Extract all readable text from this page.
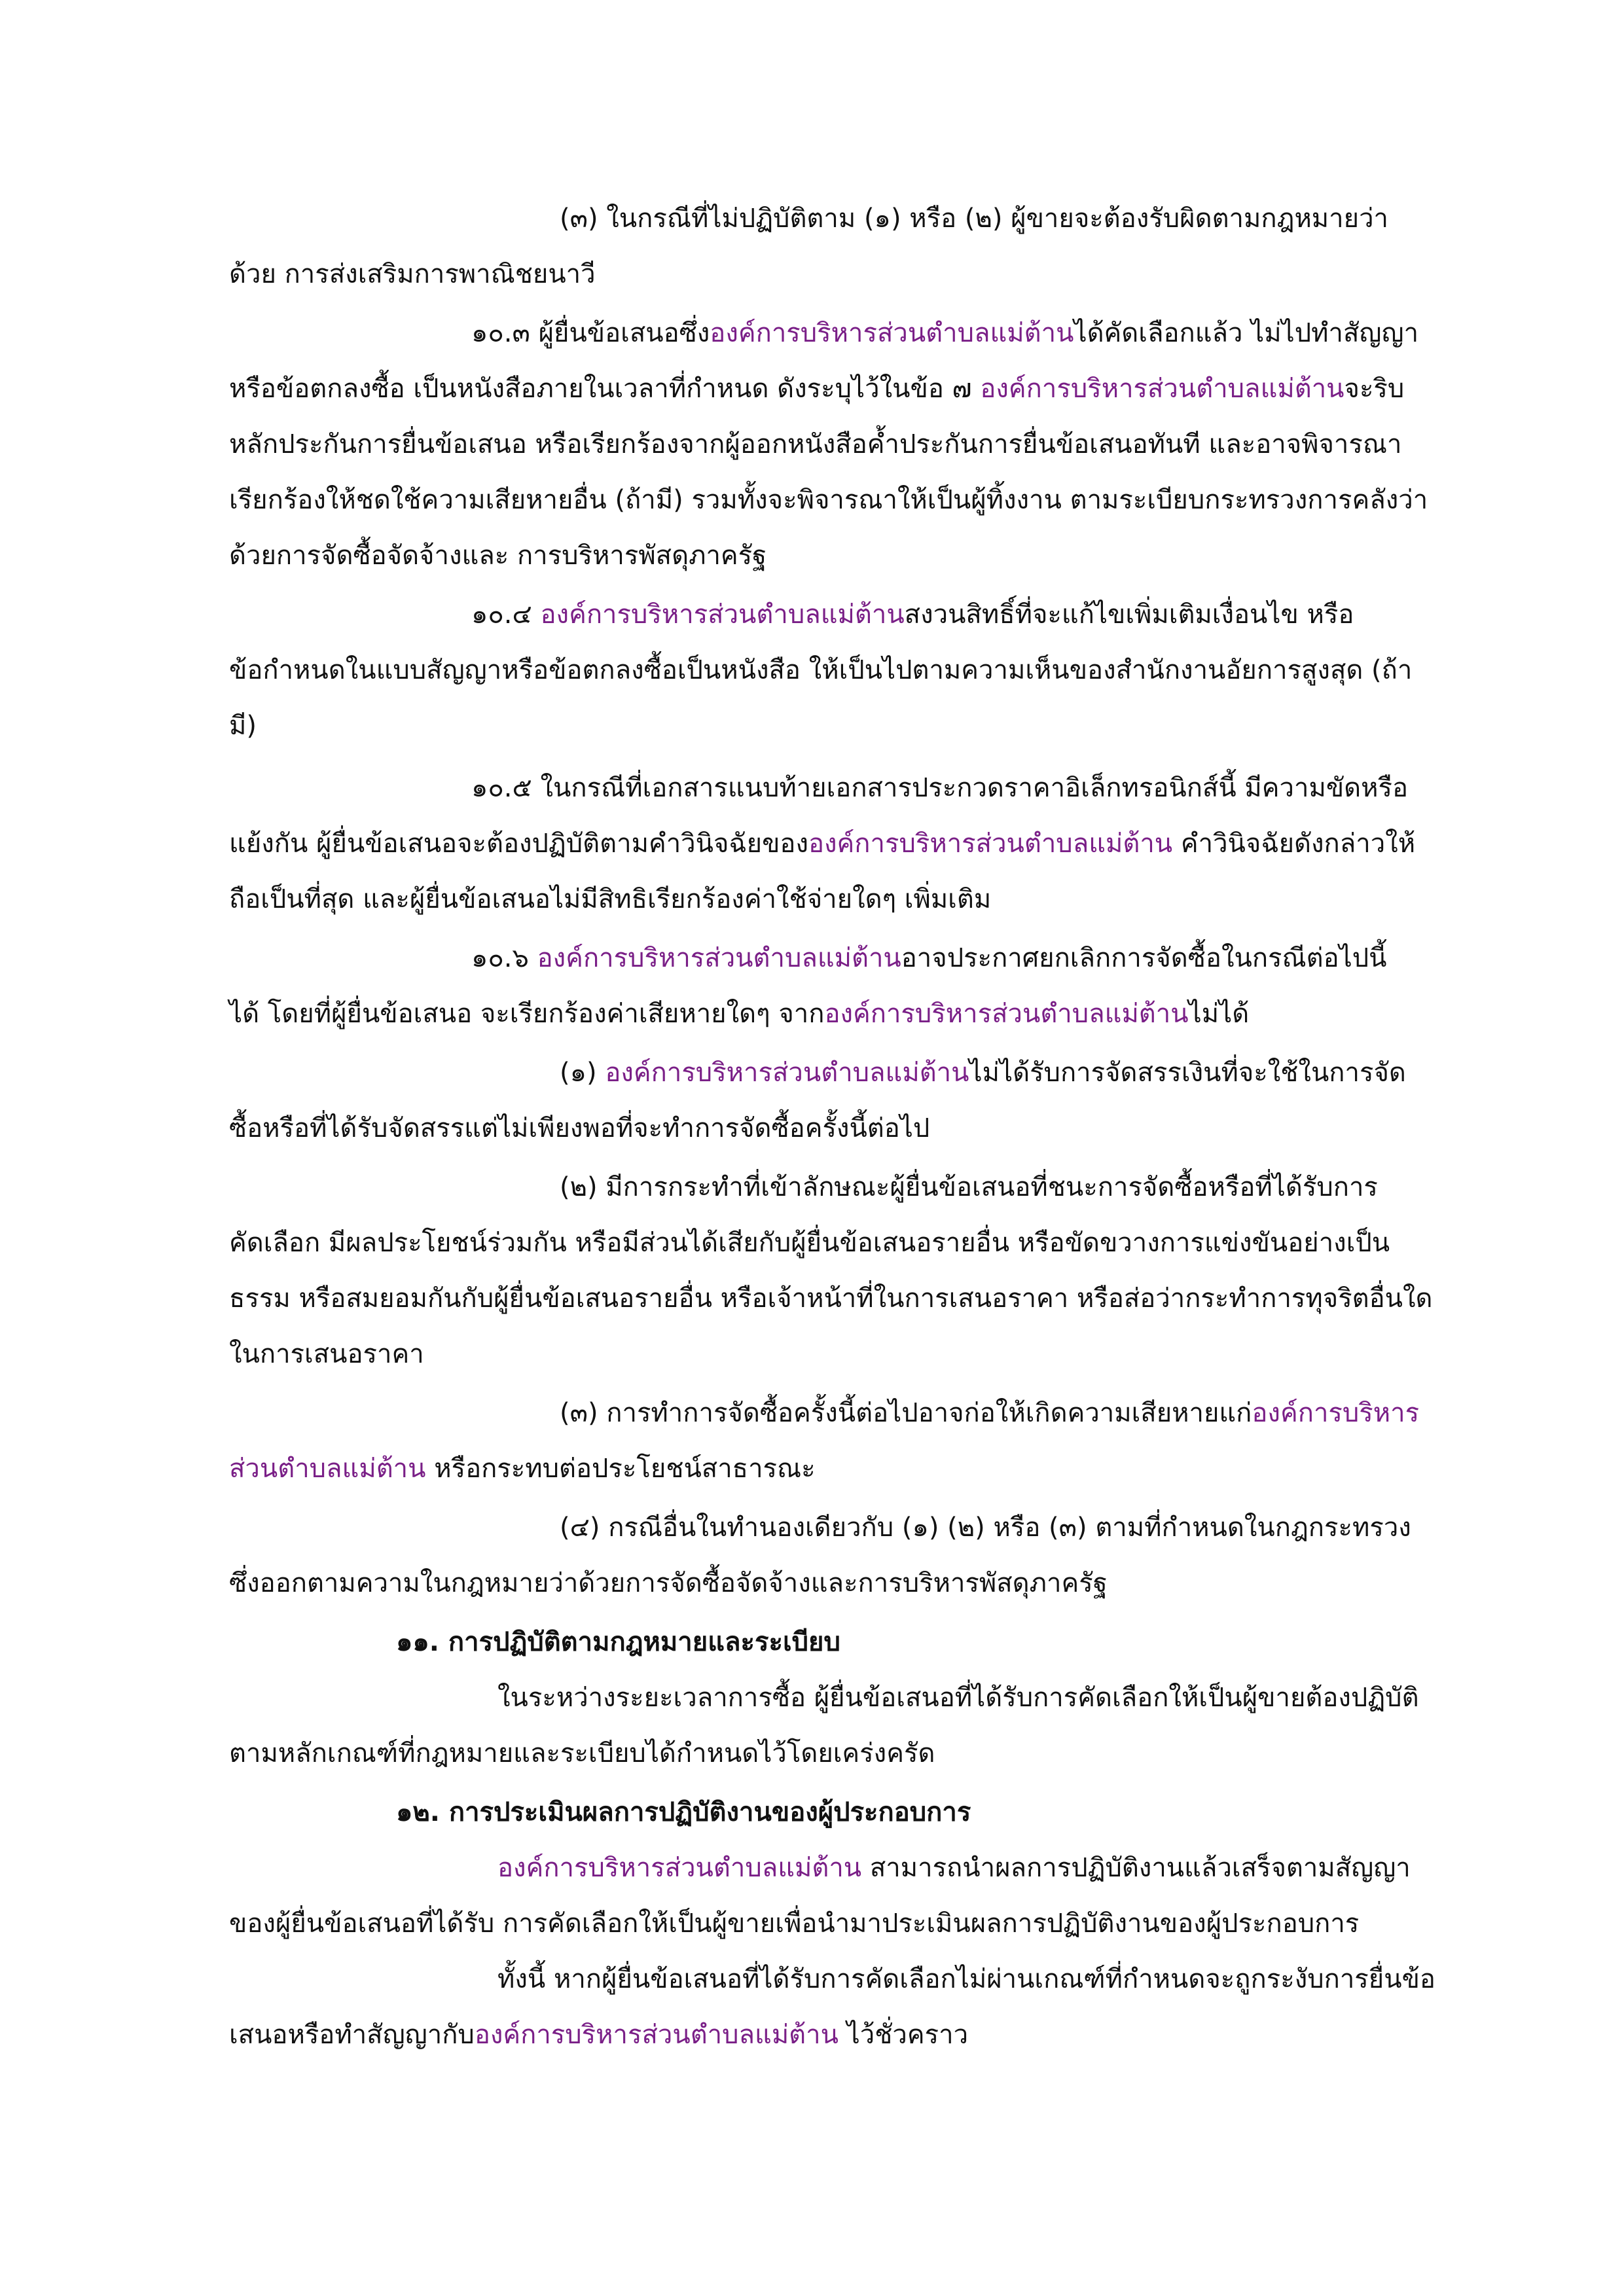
(๓) ในกรณีที่ไม่ปฏิบัติตาม (๑) หรือ (๒) ผู้ขายจะต้องรับผิดตามกฎหมายว่า
ด้วย การส่งเสริมการพาณิชยนาวี
๑๐.๓ ผู้ยื่นข้อเสนอซึ่งองค์การบริหารส่วนตำบลแม่ต้านได้คัดเลือกแล้ว ไม่ไปทำสัญญา
หรือข้อตกลงซื้อ เป็นหนังสือภายในเวลาที่กำหนด ดังระบุไว้ในข้อ ๗ องค์การบริหารส่วนตำบลแม่ต้านจะริบ
หลักประกันการยื่นข้อเสนอ หรือเรียกร้องจากผู้ออกหนังสือค้ำประกันการยื่นข้อเสนอทันที และอาจพิจารณา
เรียกร้องให้ชดใช้ความเสียหายอื่น (ถ้ามี) รวมทั้งจะพิจารณาให้เป็นผู้ทิ้งงาน ตามระเบียบกระทรวงการคลังว่า
ด้วยการจัดซื้อจัดจ้างและ การบริหารพัสดุภาครัฐ
๑๐.๔ องค์การบริหารส่วนตำบลแม่ต้านสงวนสิทธิ์ที่จะแก้ไขเพิ่มเติมเงื่อนไข หรือ
ข้อกำหนดในแบบสัญญาหรือข้อตกลงซื้อเป็นหนังสือ ให้เป็นไปตามความเห็นของสำนักงานอัยการสูงสุด (ถ้า
มี)
๑๐.๕ ในกรณีที่เอกสารแนบท้ายเอกสารประกวดราคาอิเล็กทรอนิกส์นี้ มีความขัดหรือ
แย้งกัน ผู้ยื่นข้อเสนอจะต้องปฏิบัติตามคำวินิจฉัยขององค์การบริหารส่วนตำบลแม่ต้าน คำวินิจฉัยดังกล่าวให้
ถือเป็นที่สุด และผู้ยื่นข้อเสนอไม่มีสิทธิเรียกร้องค่าใช้จ่ายใดๆ เพิ่มเติม
๑๐.๖ องค์การบริหารส่วนตำบลแม่ต้านอาจประกาศยกเลิกการจัดซื้อในกรณีต่อไปนี้
ได้ โดยที่ผู้ยื่นข้อเสนอ จะเรียกร้องค่าเสียหายใดๆ จากองค์การบริหารส่วนตำบลแม่ต้านไม่ได้
(๑) องค์การบริหารส่วนตำบลแม่ต้านไม่ได้รับการจัดสรรเงินที่จะใช้ในการจัด
ซื้อหรือที่ได้รับจัดสรรแต่ไม่เพียงพอที่จะทำการจัดซื้อครั้งนี้ต่อไป
(๒) มีการกระทำที่เข้าลักษณะผู้ยื่นข้อเสนอที่ชนะการจัดซื้อหรือที่ได้รับการ
คัดเลือก มีผลประโยชน์ร่วมกัน หรือมีส่วนได้เสียกับผู้ยื่นข้อเสนอรายอื่น หรือขัดขวางการแข่งขันอย่างเป็น
ธรรม หรือสมยอมกันกับผู้ยื่นข้อเสนอรายอื่น หรือเจ้าหน้าที่ในการเสนอราคา หรือส่อว่ากระทำการทุจริตอื่นใด
ในการเสนอราคา
(๓) การทำการจัดซื้อครั้งนี้ต่อไปอาจก่อให้เกิดความเสียหายแก่องค์การบริหาร
ส่วนตำบลแม่ต้าน หรือกระทบต่อประโยชน์สาธารณะ
(๔) กรณีอื่นในทำนองเดียวกับ (๑) (๒) หรือ (๓) ตามที่กำหนดในกฎกระทรวง
ซึ่งออกตามความในกฎหมายว่าด้วยการจัดซื้อจัดจ้างและการบริหารพัสดุภาครัฐ
๑๑. การปฏิบัติตามกฎหมายและระเบียบ
ในระหว่างระยะเวลาการซื้อ ผู้ยื่นข้อเสนอที่ได้รับการคัดเลือกให้เป็นผู้ขายต้องปฏิบัติ
ตามหลักเกณฑ์ที่กฎหมายและระเบียบได้กำหนดไว้โดยเคร่งครัด
๑๒. การประเมินผลการปฏิบัติงานของผู้ประกอบการ
องค์การบริหารส่วนตำบลแม่ต้าน สามารถนำผลการปฏิบัติงานแล้วเสร็จตามสัญญา
ของผู้ยื่นข้อเสนอที่ได้รับ การคัดเลือกให้เป็นผู้ขายเพื่อนำมาประเมินผลการปฏิบัติงานของผู้ประกอบการ
ทั้งนี้ หากผู้ยื่นข้อเสนอที่ได้รับการคัดเลือกไม่ผ่านเกณฑ์ที่กำหนดจะถูกระงับการยื่นข้อ
เสนอหรือทำสัญญากับองค์การบริหารส่วนตำบลแม่ต้าน ไว้ชั่วคราว
